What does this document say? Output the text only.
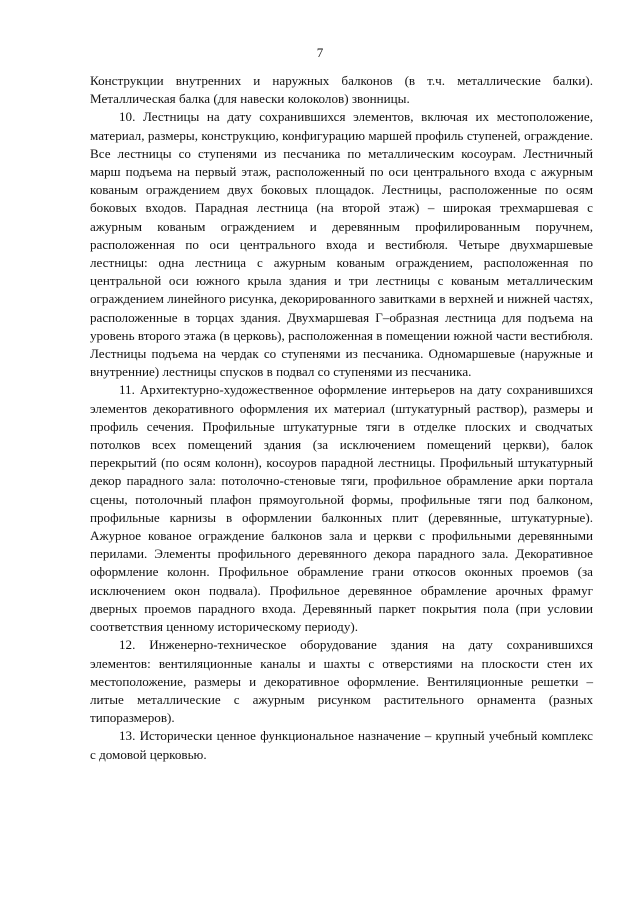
7

Конструкции внутренних и наружных балконов (в т.ч. металлические балки). Металлическая балка (для навески колоколов) звонницы.

10. Лестницы на дату сохранившихся элементов, включая их местоположение, материал, размеры, конструкцию, конфигурацию маршей профиль ступеней, ограждение. Все лестницы со ступенями из песчаника по металлическим косоурам. Лестничный марш подъема на первый этаж, расположенный по оси центрального входа с ажурным кованым ограждением двух боковых площадок. Лестницы, расположенные по осям боковых входов. Парадная лестница (на второй этаж) – широкая трехмаршевая с ажурным кованым ограждением и деревянным профилированным поручнем, расположенная по оси центрального входа и вестибюля. Четыре двухмаршевые лестницы: одна лестница с ажурным кованым ограждением, расположенная по центральной оси южного крыла здания и три лестницы с кованым металлическим ограждением линейного рисунка, декорированного завитками в верхней и нижней частях, расположенные в торцах здания. Двухмаршевая Г–образная лестница для подъема на уровень второго этажа (в церковь), расположенная в помещении южной части вестибюля. Лестницы подъема на чердак со ступенями из песчаника. Одномаршевые (наружные и внутренние) лестницы спусков в подвал со ступенями из песчаника.

11. Архитектурно-художественное оформление интерьеров на дату сохранившихся элементов декоративного оформления их материал (штукатурный раствор), размеры и профиль сечения. Профильные штукатурные тяги в отделке плоских и сводчатых потолков всех помещений здания (за исключением помещений церкви), балок перекрытий (по осям колонн), косоуров парадной лестницы. Профильный штукатурный декор парадного зала: потолочно-стеновые тяги, профильное обрамление арки портала сцены, потолочный плафон прямоугольной формы, профильные тяги под балконом, профильные карнизы в оформлении балконных плит (деревянные, штукатурные). Ажурное кованое ограждение балконов зала и церкви с профильными деревянными перилами. Элементы профильного деревянного декора парадного зала. Декоративное оформление колонн. Профильное обрамление грани откосов оконных проемов (за исключением окон подвала). Профильное деревянное обрамление арочных фрамуг дверных проемов парадного входа. Деревянный паркет покрытия пола (при условии соответствия ценному историческому периоду).

12. Инженерно-техническое оборудование здания на дату сохранившихся элементов: вентиляционные каналы и шахты с отверстиями на плоскости стен их местоположение, размеры и декоративное оформление. Вентиляционные решетки – литые металлические с ажурным рисунком растительного орнамента (разных типоразмеров).

13. Исторически ценное функциональное назначение – крупный учебный комплекс с домовой церковью.
